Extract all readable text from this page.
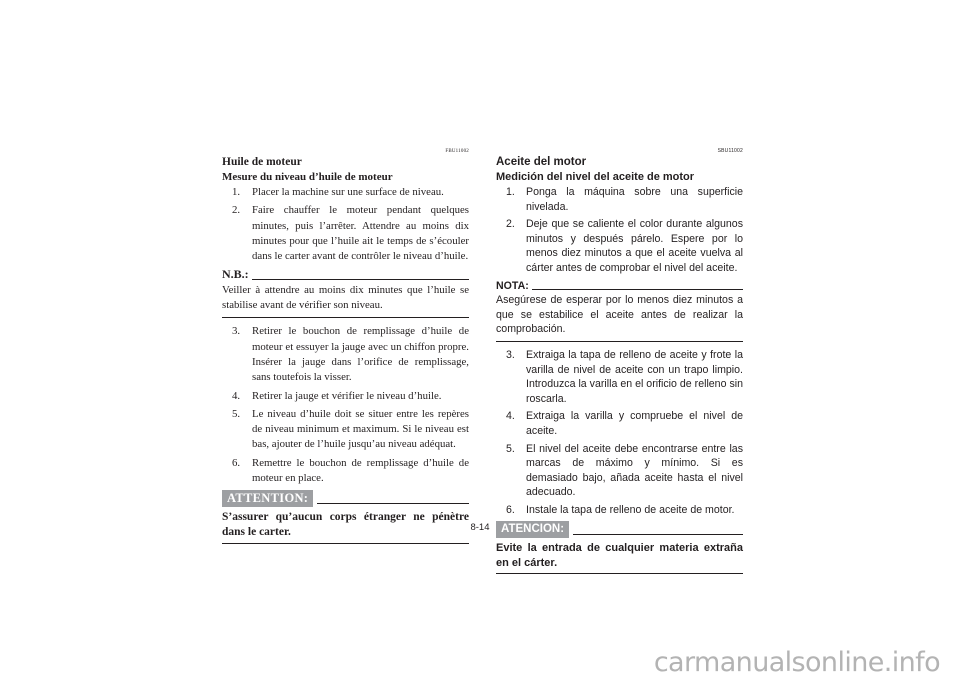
FBU11002
Huile de moteur
Mesure du niveau d’huile de moteur
1. Placer la machine sur une surface de niveau.
2. Faire chauffer le moteur pendant quelques minutes, puis l’arrêter. Attendre au moins dix minutes pour que l’huile ait le temps de s’écouler dans le carter avant de contrôler le niveau d’huile.
N.B.:
Veiller à attendre au moins dix minutes que l’huile se stabilise avant de vérifier son niveau.
3. Retirer le bouchon de remplissage d’huile de moteur et essuyer la jauge avec un chiffon propre. Insérer la jauge dans l’orifice de remplissage, sans toutefois la visser.
4. Retirer la jauge et vérifier le niveau d’huile.
5. Le niveau d’huile doit se situer entre les repères de niveau minimum et maximum. Si le niveau est bas, ajouter de l’huile jusqu’au niveau adéquat.
6. Remettre le bouchon de remplissage d’huile de moteur en place.
ATTENTION:
S’assurer qu’aucun corps étranger ne pénètre dans le carter.
SBU11002
Aceite del motor
Medición del nivel del aceite de motor
1. Ponga la máquina sobre una superficie nivelada.
2. Deje que se caliente el color durante algunos minutos y después párelo. Espere por lo menos diez minutos a que el aceite vuelva al cárter antes de comprobar el nivel del aceite.
NOTA:
Asegúrese de esperar por lo menos diez minutos a que se estabilice el aceite antes de realizar la comprobación.
3. Extraiga la tapa de relleno de aceite y frote la varilla de nivel de aceite con un trapo limpio. Introduzca la varilla en el orificio de relleno sin roscarla.
4. Extraiga la varilla y compruebe el nivel de aceite.
5. El nivel del aceite debe encontrarse entre las marcas de máximo y mínimo. Si es demasiado bajo, añada aceite hasta el nivel adecuado.
6. Instale la tapa de relleno de aceite de motor.
ATENCION:
Evite la entrada de cualquier materia extraña en el cárter.
8-14
carmanualsonline.info
